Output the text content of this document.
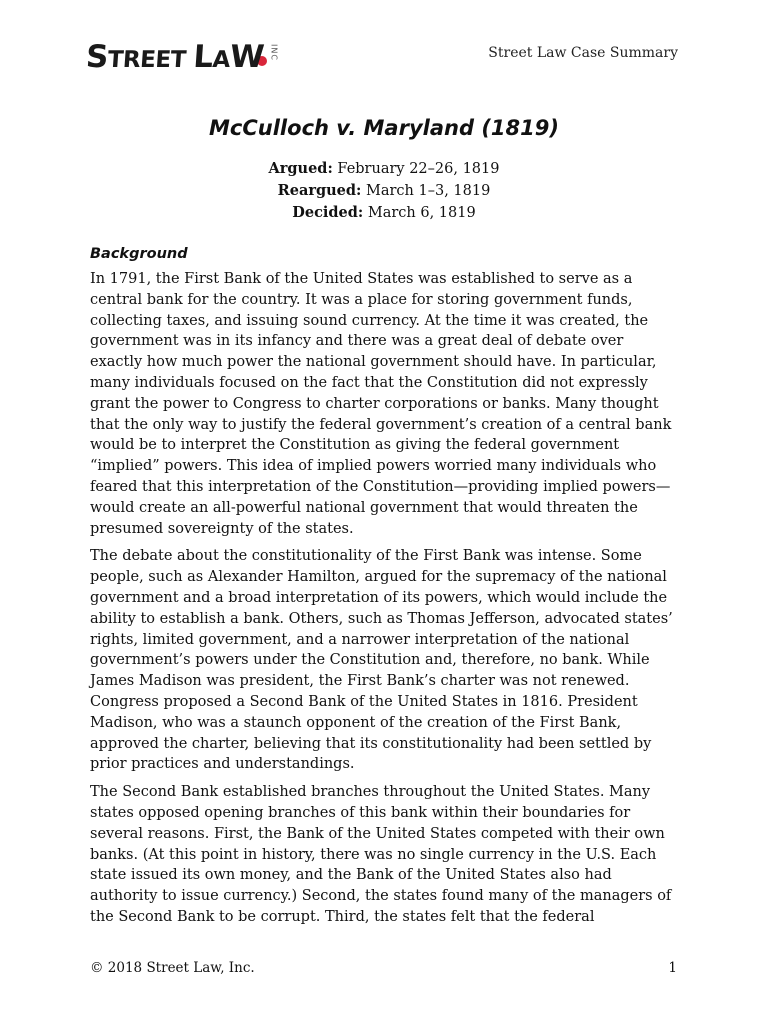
STREET LAW INC	Street Law Case Summary
McCulloch v. Maryland (1819)
Argued: February 22–26, 1819
Reargued: March 1–3, 1819
Decided: March 6, 1819
Background

In 1791, the First Bank of the United States was established to serve as a central bank for the country. It was a place for storing government funds, collecting taxes, and issuing sound currency. At the time it was created, the government was in its infancy and there was a great deal of debate over exactly how much power the national government should have. In particular, many individuals focused on the fact that the Constitution did not expressly grant the power to Congress to charter corporations or banks. Many thought that the only way to justify the federal government’s creation of a central bank would be to interpret the Constitution as giving the federal government “implied” powers. This idea of implied powers worried many individuals who feared that this interpretation of the Constitution—providing implied powers—would create an all-powerful national government that would threaten the presumed sovereignty of the states.

The debate about the constitutionality of the First Bank was intense. Some people, such as Alexander Hamilton, argued for the supremacy of the national government and a broad interpretation of its powers, which would include the ability to establish a bank. Others, such as Thomas Jefferson, advocated states’ rights, limited government, and a narrower interpretation of the national government’s powers under the Constitution and, therefore, no bank. While James Madison was president, the First Bank’s charter was not renewed. Congress proposed a Second Bank of the United States in 1816. President Madison, who was a staunch opponent of the creation of the First Bank, approved the charter, believing that its constitutionality had been settled by prior practices and understandings.

The Second Bank established branches throughout the United States. Many states opposed opening branches of this bank within their boundaries for several reasons. First, the Bank of the United States competed with their own banks. (At this point in history, there was no single currency in the U.S. Each state issued its own money, and the Bank of the United States also had authority to issue currency.) Second, the states found many of the managers of the Second Bank to be corrupt. Third, the states felt that the federal

© 2018 Street Law, Inc.	1
